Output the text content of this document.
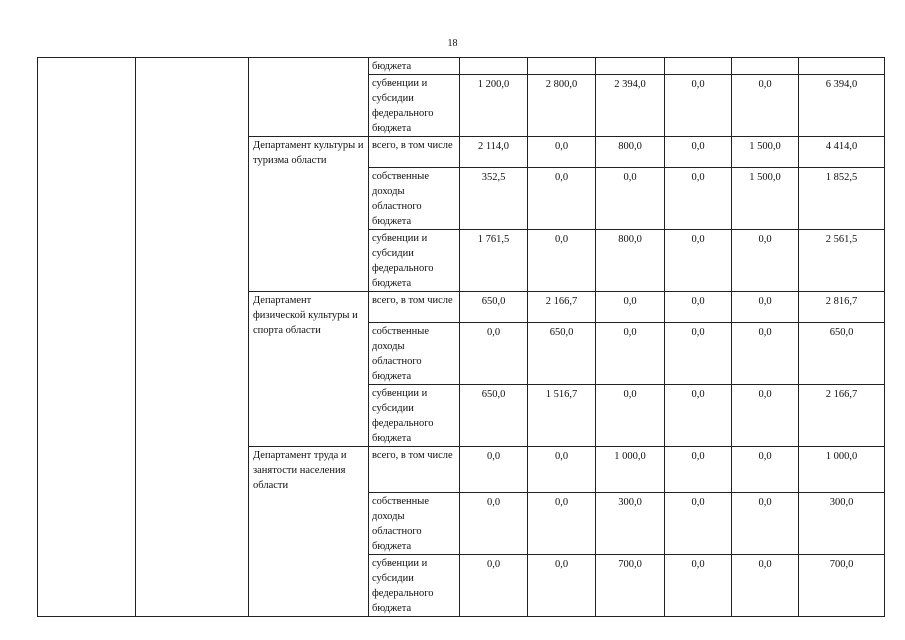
18
			бюджета						
			субвенции и субсидии федерального бюджета	1 200,0	2 800,0	2 394,0	0,0	0,0	6 394,0
		Департамент культуры и туризма области	всего, в том числе	2 114,0	0,0	800,0	0,0	1 500,0	4 414,0
			собственные доходы областного бюджета	352,5	0,0	0,0	0,0	1 500,0	1 852,5
			субвенции и субсидии федерального бюджета	1 761,5	0,0	800,0	0,0	0,0	2 561,5
		Департамент физической культуры и спорта области	всего, в том числе	650,0	2 166,7	0,0	0,0	0,0	2 816,7
			собственные доходы областного бюджета	0,0	650,0	0,0	0,0	0,0	650,0
			субвенции и субсидии федерального бюджета	650,0	1 516,7	0,0	0,0	0,0	2 166,7
		Департамент труда и занятости населения области	всего, в том числе	0,0	0,0	1 000,0	0,0	0,0	1 000,0
			собственные доходы областного бюджета	0,0	0,0	300,0	0,0	0,0	300,0
			субвенции и субсидии федерального бюджета	0,0	0,0	700,0	0,0	0,0	700,0
